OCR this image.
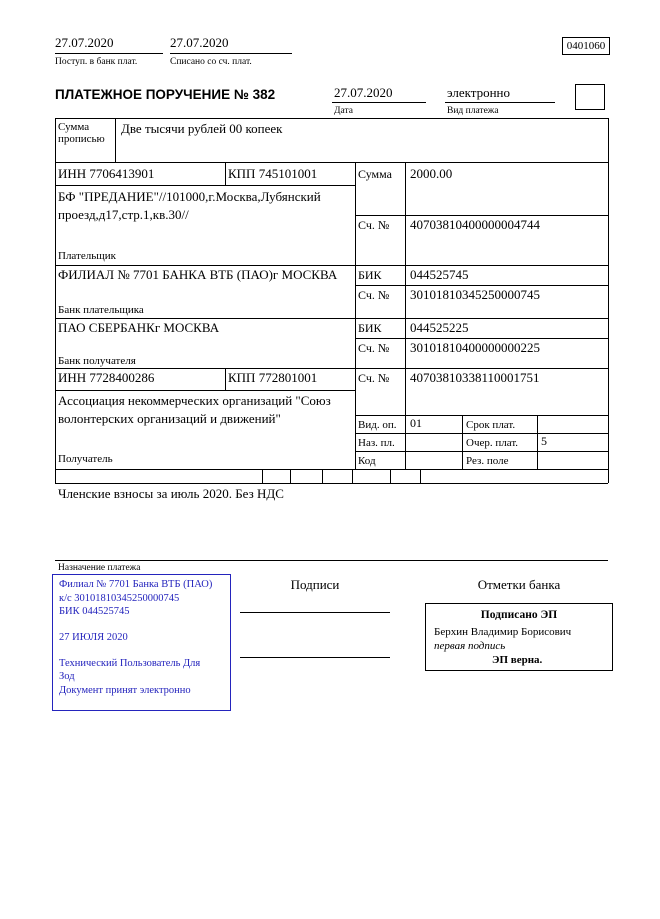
27.07.2020
Поступ. в банк плат.
27.07.2020
Списано со сч. плат.
0401060
ПЛАТЕЖНОЕ ПОРУЧЕНИЕ № 382	27.07.2020
Дата
электронно
Вид платежа
Сумма прописью
Две тысячи рублей 00 копеек
ИНН 7706413901	КПП 745101001	Сумма 2000.00
БФ "ПРЕДАНИЕ"//101000,г.Москва,Лубянский проезд,д17,стр.1,кв.30//
Сч. № 40703810400000004744
Плательщик
ФИЛИАЛ № 7701 БАНКА ВТБ (ПАО)г МОСКВА БИК 044525745
Сч. № 30101810345250000745
Банк плательщика
ПАО СБЕРБАНКг МОСКВА	БИК 044525225
Сч. № 30101810400000000225
Банк получателя
ИНН 7728400286	КПП 772801001	Сч. № 40703810338110001751
Ассоциация некоммерческих организаций "Союз волонтерских организаций и движений"
Получатель
Вид. оп. 01	Срок плат.
Наз. пл.	Очер. плат. 5
Код	Рез. поле
Членские взносы за июль 2020. Без НДС
Назначение платежа
Подписи	Отметки банка
Филиал № 7701 Банка ВТБ (ПАО)
к/с 30101810345250000745
БИК 044525745
27 ИЮЛЯ 2020
Технический Пользователь Для Зод
Документ принят электронно
Подписано ЭП
Берхин Владимир Борисович
первая подпись
ЭП верна.
